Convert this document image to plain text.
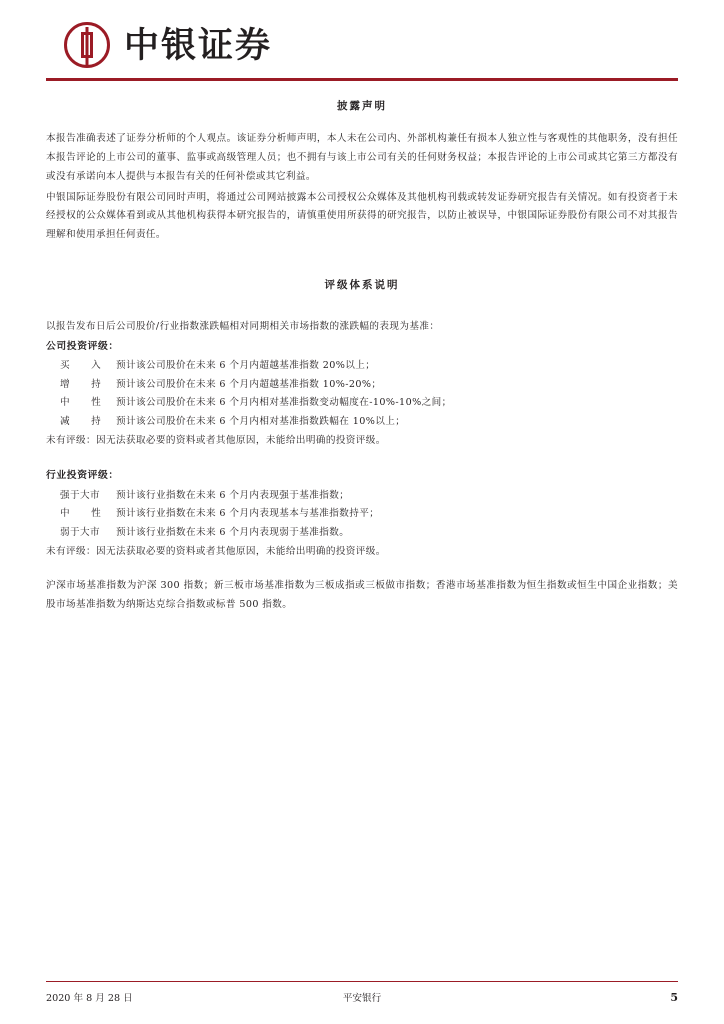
中银证券
披露声明

本报告准确表述了证券分析师的个人观点。该证券分析师声明，本人未在公司内、外部机构兼任有损本人独立性与客观性的其他职务，没有担任本报告评论的上市公司的董事、监事或高级管理人员；也不拥有与该上市公司有关的任何财务权益；本报告评论的上市公司或其它第三方都没有或没有承诺向本人提供与本报告有关的任何补偿或其它利益。

中银国际证券股份有限公司同时声明，将通过公司网站披露本公司授权公众媒体及其他机构刊载或转发证券研究报告有关情况。如有投资者于未经授权的公众媒体看到或从其他机构获得本研究报告的，请慎重使用所获得的研究报告，以防止被误导，中银国际证券股份有限公司不对其报告理解和使用承担任何责任。

评级体系说明

以报告发布日后公司股价/行业指数涨跌幅相对同期相关市场指数的涨跌幅的表现为基准：

公司投资评级：

买　入 预计该公司股价在未来 6 个月内超越基准指数 20%以上；
增　持 预计该公司股价在未来 6 个月内超越基准指数 10%-20%；
中　性 预计该公司股价在未来 6 个月内相对基准指数变动幅度在-10%-10%之间；
减　持 预计该公司股价在未来 6 个月内相对基准指数跌幅在 10%以上；

未有评级：因无法获取必要的资料或者其他原因，未能给出明确的投资评级。

行业投资评级：

强于大市	预计该行业指数在未来 6 个月内表现强于基准指数；
中　性 预计该行业指数在未来 6 个月内表现基本与基准指数持平；
弱于大市	预计该行业指数在未来 6 个月内表现弱于基准指数。

未有评级：因无法获取必要的资料或者其他原因，未能给出明确的投资评级。

沪深市场基准指数为沪深 300 指数；新三板市场基准指数为三板成指或三板做市指数；香港市场基准指数为恒生指数或恒生中国企业指数；美股市场基准指数为纳斯达克综合指数或标普 500 指数。

2020 年 8 月 28 日	平安银行	5
